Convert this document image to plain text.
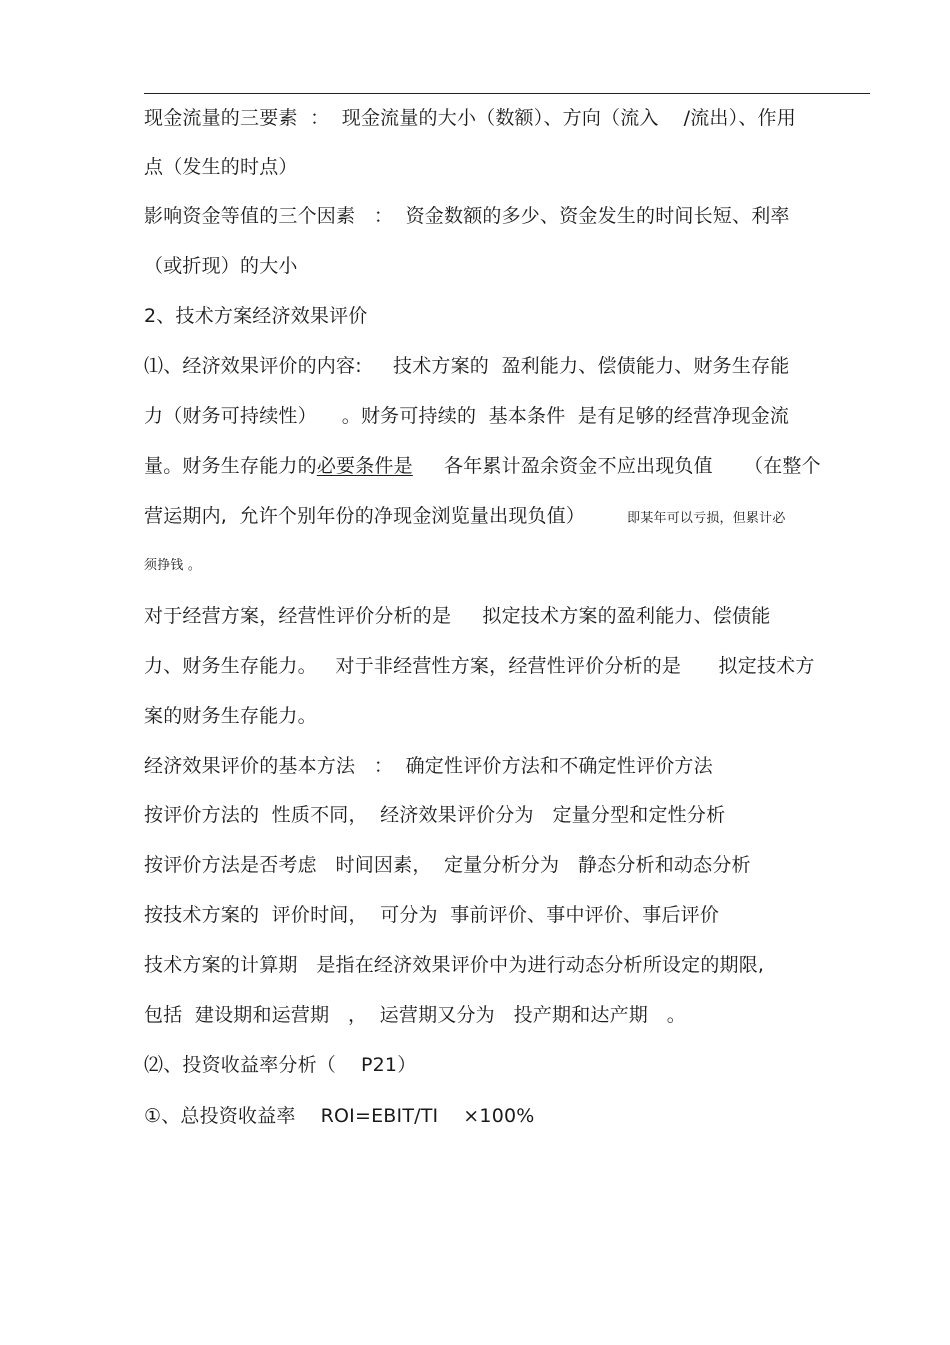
现金流量的三要素  ：  现金流量的大小（数额）、方向（流入    /流出）、作用
点（发生的时点）
影响资金等值的三个因素   ：  资金数额的多少、资金发生的时间长短、利率
（或折现）的大小
2、技术方案经济效果评价
⑴、经济效果评价的内容:     技术方案的  盈利能力、偿债能力、财务生存能
力（财务可持续性）    。财务可持续的  基本条件  是有足够的经营净现金流
量。财务生存能力的必要条件是     各年累计盈余资金不应出现负值     （在整个
营运期内,  允许个别年份的净现金浏览量出现负值）	即某年可以亏损，但累计必
须挣钱 。
对于经营方案，经营性评价分析的是     拟定技术方案的盈利能力、偿债能
力、财务生存能力。   对于非经营性方案，经营性评价分析的是      拟定技术方
案的财务生存能力。
经济效果评价的基本方法   ：  确定性评价方法和不确定性评价方法
按评价方法的  性质不同，  经济效果评价分为   定量分型和定性分析
按评价方法是否考虑   时间因素，  定量分析分为   静态分析和动态分析
按技术方案的  评价时间，  可分为  事前评价、事中评价、事后评价
技术方案的计算期   是指在经济效果评价中为进行动态分析所设定的期限,
包括  建设期和运营期   ，  运营期又分为   投产期和达产期   。
⑵、投资收益率分析（    P21）
①、总投资收益率    ROI=EBIT/TI    ×100%
